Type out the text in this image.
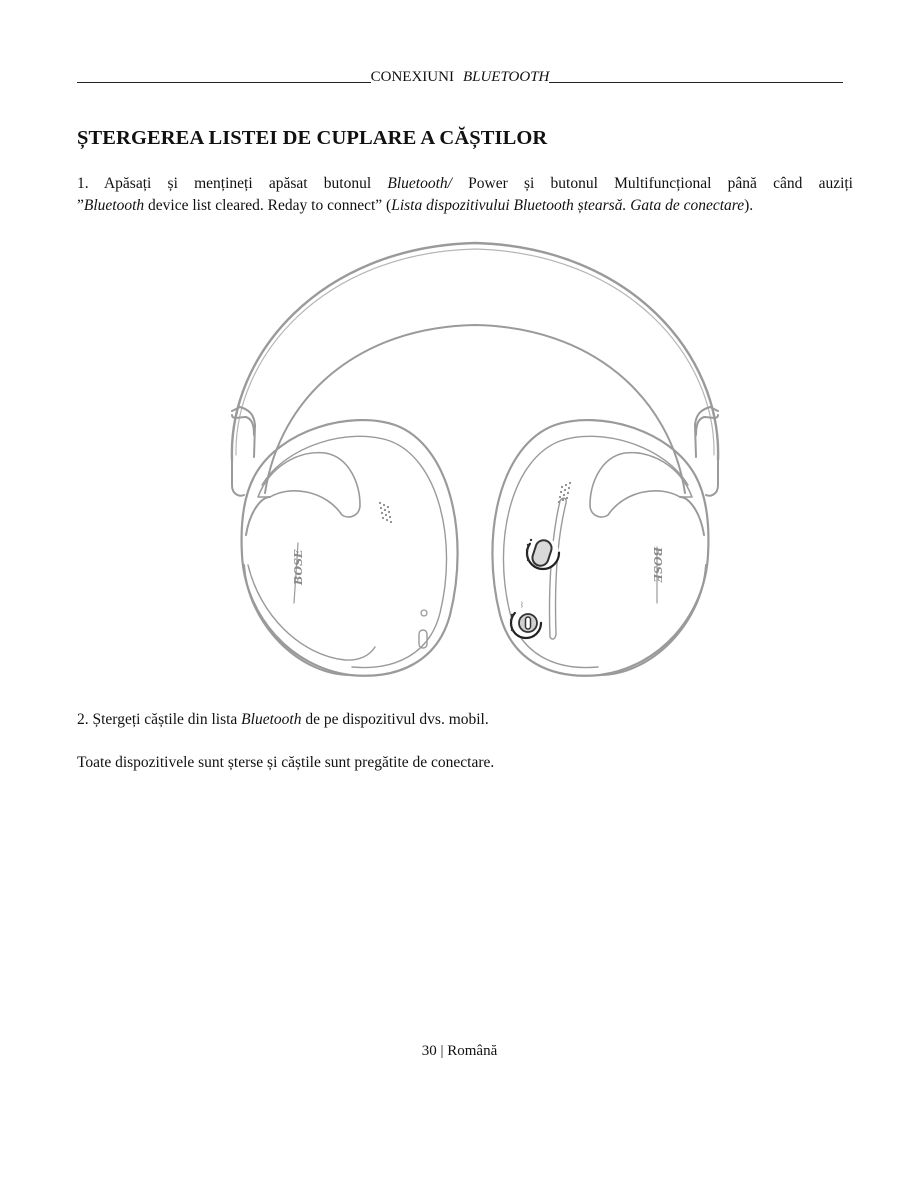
CONEXIUNI BLUETOOTH
ȘTERGEREA LISTEI DE CUPLARE A CĂȘTILOR

1. Apăsați și mențineți apăsat butonul Bluetooth/ Power și butonul Multifuncțional până când auziți
”Bluetooth device list cleared. Reday to connect” (Lista dispozitivului Bluetooth ștearsă. Gata de conectare).

BOSE	BOSE
ᛒ

2. Ștergeți căștile din lista Bluetooth de pe dispozitivul dvs. mobil.

Toate dispozitivele sunt șterse și căștile sunt pregătite de conectare.

30 | Română
